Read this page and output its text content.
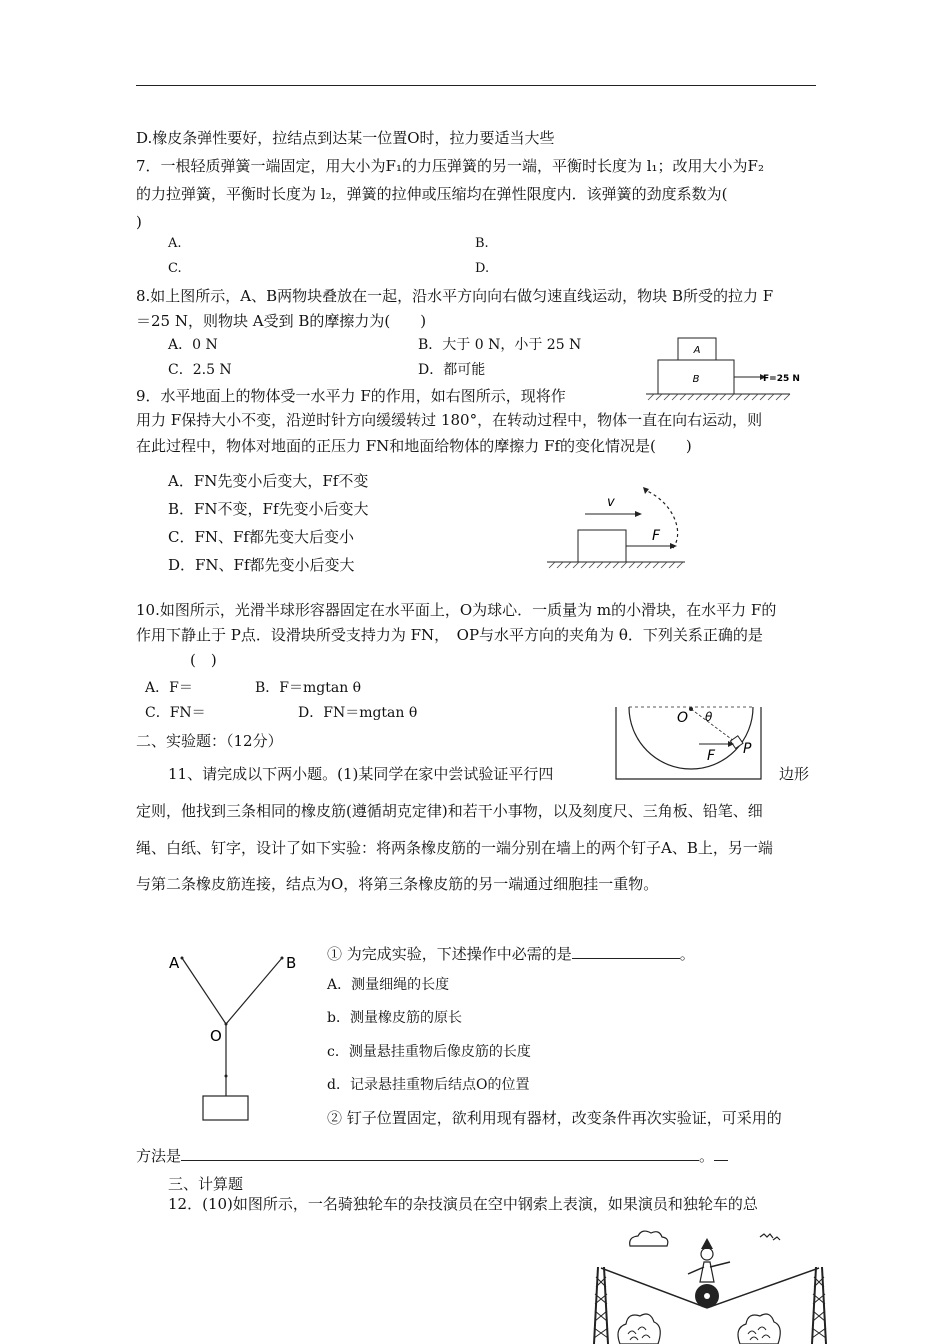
D.橡皮条弹性要好，拉结点到达某一位置O时，拉力要适当大些
7．一根轻质弹簧一端固定，用大小为F₁的力压弹簧的另一端，平衡时长度为 l₁；改用大小为F₂
的力拉弹簧，平衡时长度为 l₂，弹簧的拉伸或压缩均在弹性限度内．该弹簧的劲度系数为(
)
A.	B.
C.	D.
8.如上图所示，A、B两物块叠放在一起，沿水平方向向右做匀速直线运动，物块 B所受的拉力 F
＝25 N，则物块 A受到 B的摩擦力为(　　)
A．0 N	B．大于 0 N，小于 25 N
C．2.5 N	D．都可能
A
B	F=25 N
9．水平地面上的物体受一水平力 F的作用，如右图所示，现将作
用力 F保持大小不变，沿逆时针方向缓缓转过 180°，在转动过程中，物体一直在向右运动，则
在此过程中，物体对地面的正压力 FN和地面给物体的摩擦力 Ff的变化情况是(　　)
A．FN先变小后变大，Ff不变
B．FN不变，Ff先变小后变大
C．FN、Ff都先变大后变小
D．FN、Ff都先变小后变大
v
F
10.如图所示，光滑半球形容器固定在水平面上，O为球心．一质量为 m的小滑块，在水平力 F的
作用下静止于 P点．设滑块所受支持力为 FN，　OP与水平方向的夹角为 θ．下列关系正确的是
(　)
A．F＝	B．F＝mgtan θ
C．FN＝	D．FN＝mgtan θ	O θ
F P
二、实验题：（12分）
11、请完成以下两小题。(1)某同学在家中尝试验证平行四	边形
定则，他找到三条相同的橡皮筋(遵循胡克定律)和若干小事物，以及刻度尺、三角板、铅笔、细
绳、白纸、钉字，设计了如下实验：将两条橡皮筋的一端分别在墙上的两个钉子A、B上，另一端
与第二条橡皮筋连接，结点为O，将第三条橡皮筋的另一端通过细胞挂一重物。
A	B
O
① 为完成实验，下述操作中必需的是	。
A．测量细绳的长度
b．测量橡皮筋的原长
c．测量悬挂重物后像皮筋的长度
d．记录悬挂重物后结点O的位置
② 钉子位置固定，欲利用现有器材，改变条件再次实验证，可采用的
方法是	。
三、计算题
12．(10)如图所示，一名骑独轮车的杂技演员在空中钢索上表演，如果演员和独轮车的总
